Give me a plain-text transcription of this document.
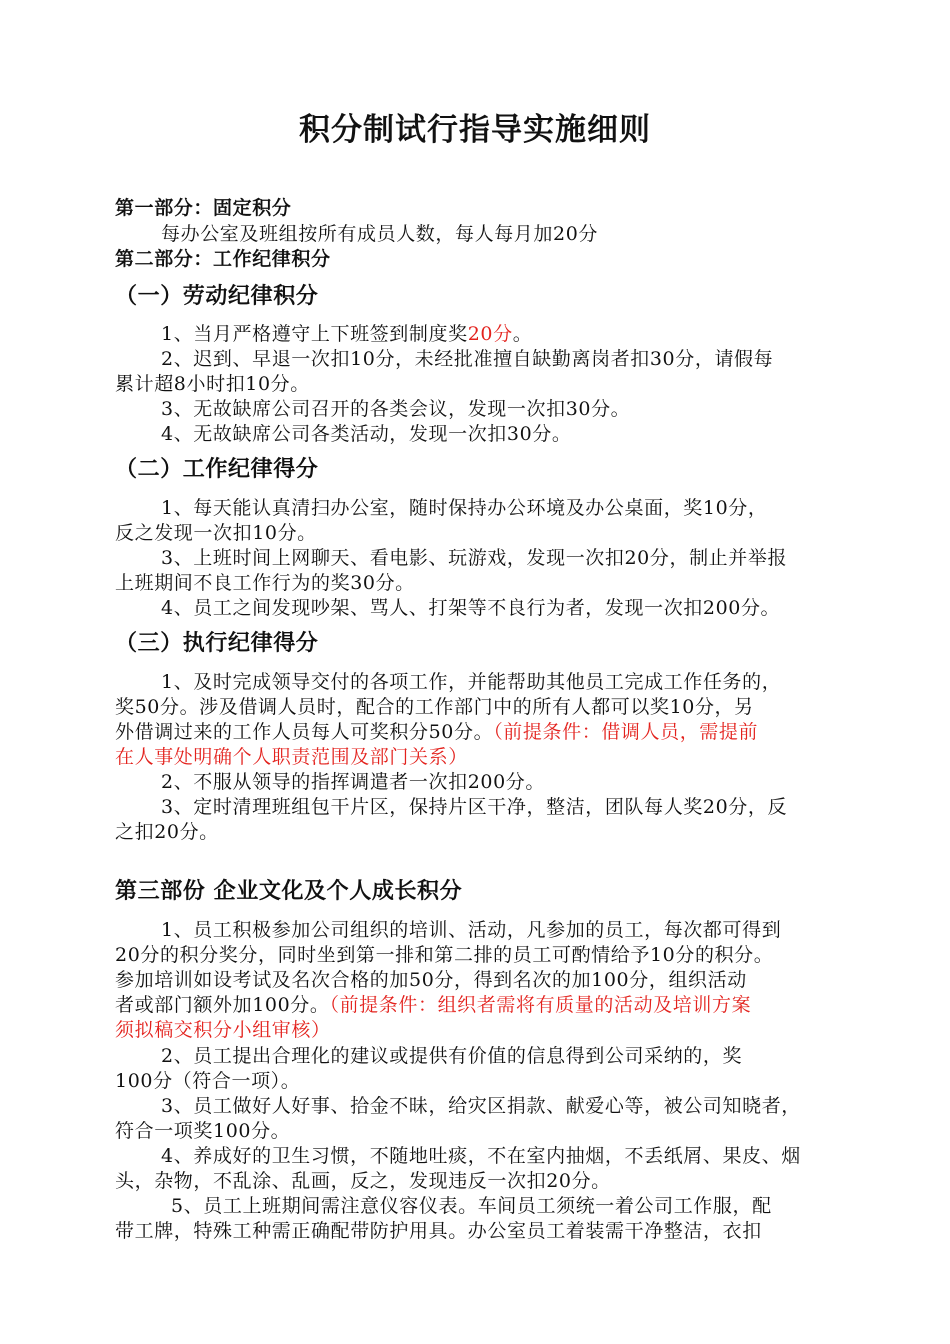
积分制试行指导实施细则
第一部分：固定积分
每办公室及班组按所有成员人数，每人每月加20分
第二部分：工作纪律积分
（一）劳动纪律积分
1、当月严格遵守上下班签到制度奖20分。
2、迟到、早退一次扣10分，未经批准擅自缺勤离岗者扣30分，请假每
累计超8小时扣10分。
3、无故缺席公司召开的各类会议，发现一次扣30分。
4、无故缺席公司各类活动，发现一次扣30分。
（二）工作纪律得分
1、每天能认真清扫办公室，随时保持办公环境及办公桌面，奖10分，
反之发现一次扣10分。
3、上班时间上网聊天、看电影、玩游戏，发现一次扣20分，制止并举报
上班期间不良工作行为的奖30分。
4、员工之间发现吵架、骂人、打架等不良行为者，发现一次扣200分。
（三）执行纪律得分
1、及时完成领导交付的各项工作，并能帮助其他员工完成工作任务的，
奖50分。涉及借调人员时，配合的工作部门中的所有人都可以奖10分，另
外借调过来的工作人员每人可奖积分50分。（前提条件：借调人员，需提前
在人事处明确个人职责范围及部门关系）
2、不服从领导的指挥调遣者一次扣200分。
3、定时清理班组包干片区，保持片区干净，整洁，团队每人奖20分，反
之扣20分。
第三部份 企业文化及个人成长积分
1、员工积极参加公司组织的培训、活动，凡参加的员工，每次都可得到
20分的积分奖分，同时坐到第一排和第二排的员工可酌情给予10分的积分。
参加培训如设考试及名次合格的加50分，得到名次的加100分，组织活动
者或部门额外加100分。（前提条件：组织者需将有质量的活动及培训方案
须拟稿交积分小组审核）
2、员工提出合理化的建议或提供有价值的信息得到公司采纳的，奖
100分（符合一项）。
3、员工做好人好事、拾金不昧，给灾区捐款、献爱心等，被公司知晓者，
符合一项奖100分。
4、养成好的卫生习惯，不随地吐痰，不在室内抽烟，不丢纸屑、果皮、烟
头，杂物，不乱涂、乱画，反之，发现违反一次扣20分。
5、员工上班期间需注意仪容仪表。车间员工须统一着公司工作服，配
带工牌，特殊工种需正确配带防护用具。办公室员工着装需干净整洁，衣扣
